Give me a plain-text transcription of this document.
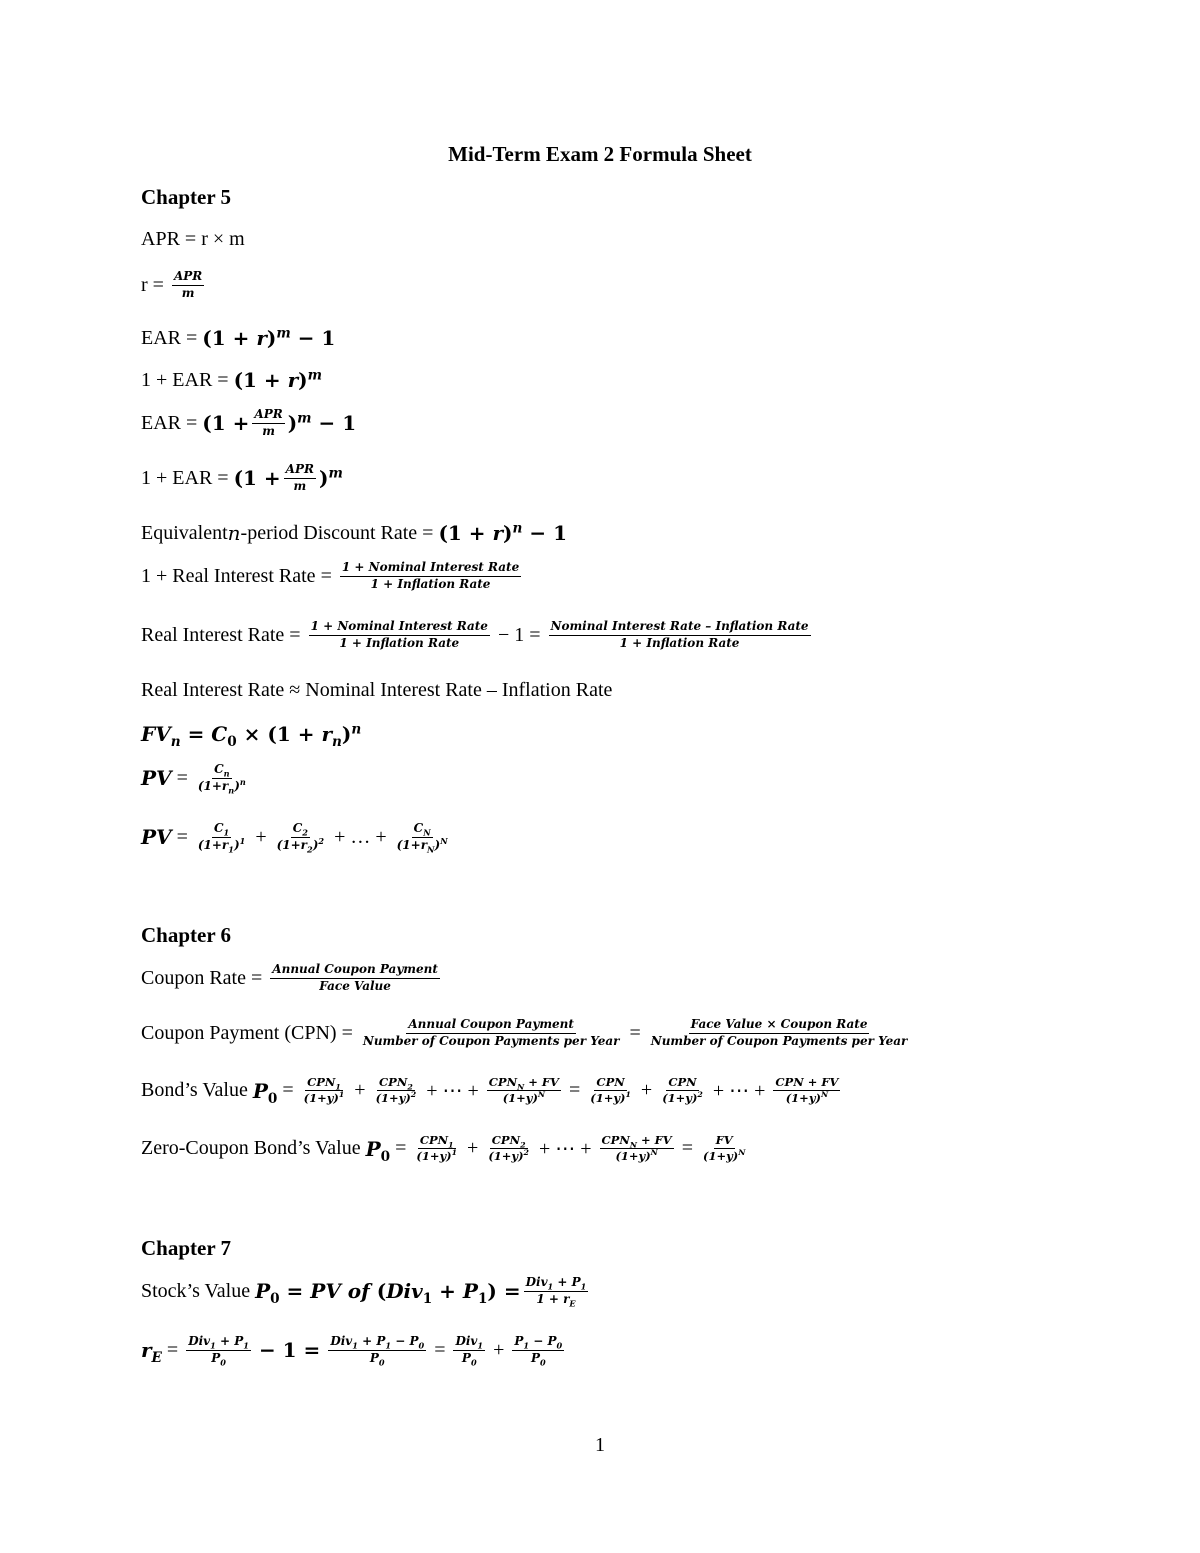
Mid-Term Exam 2 Formula Sheet
Chapter 5
APR = r × m
$r = \frac{\text{APR}}{m}$
EAR = $(1 + r)^m - 1$
1 + EAR = $(1 + r)^m$
EAR = $(1 + \frac{\text{APR}}{m} )^m - 1$
1 + EAR = $(1 + \frac{\text{APR}}{m} )^m$
Equivalent n -period Discount Rate = $(1 + r)^n - 1$
1 + Real Interest Rate = $\frac{\text{1 + Nominal Interest Rate}}{\text{1 + Inflation Rate}}$
Real Interest Rate = $\frac{\text{1 + Nominal Interest Rate}}{\text{1 + Inflation Rate}} - 1 = \frac{\text{Nominal Interest Rate – Inflation Rate}}{\text{1 + Inflation Rate}}$
Real Interest Rate ≈ Nominal Interest Rate – Inflation Rate
$FV_n = C_0 \times (1 + r_n)^n$
PV = $\frac{C_n}{(1+r_n)^n}$
PV = $\frac{C_1}{(1+r_1)^1} + \frac{C_2}{(1+r_2)^2}$ + … + $\frac{C_N}{(1+r_N)^N}$
Chapter 6
Coupon Rate = $\frac{\text{Annual Coupon Payment}}{\text{Face Value}}$
Coupon Payment $(CPN) = \frac{\text{Annual Coupon Payment}}{\text{Number of Coupon Payments per Year}} = \frac{\text{Face Value × Coupon Rate}}{\text{Number of Coupon Payments per Year}}$
Bond’s Value $P_0 = \frac{CPN_1}{(1+y)^1} + \frac{CPN_2}{(1+y)^2}$ + ⋯ + $\frac{CPN_N + FV}{(1+y)^N} = \frac{\text{CPN}}{(1+y)^1} + \frac{\text{CPN}}{(1+y)^2}$ + ⋯ + $\frac{\text{CPN + FV}}{(1+y)^N}$
Zero-Coupon Bond’s Value $P_0 = \frac{CPN_1}{(1+y)^1} + \frac{CPN_2}{(1+y)^2}$ + ⋯ + $\frac{CPN_N + FV}{(1+y)^N} = \frac{FV}{(1+y)^N}$
Chapter 7
Stock’s Value $P_0$ = PV of $(Div_1 + P_1) = \frac{Div_1 + P_1}{1 + r_E}$
$r_E = \frac{Div_1 + P_1}{P_0} - 1 = \frac{Div_1 + P_1 - P_0}{P_0} = \frac{Div_1}{P_0} + \frac{P_1 - P_0}{P_0}$
1
